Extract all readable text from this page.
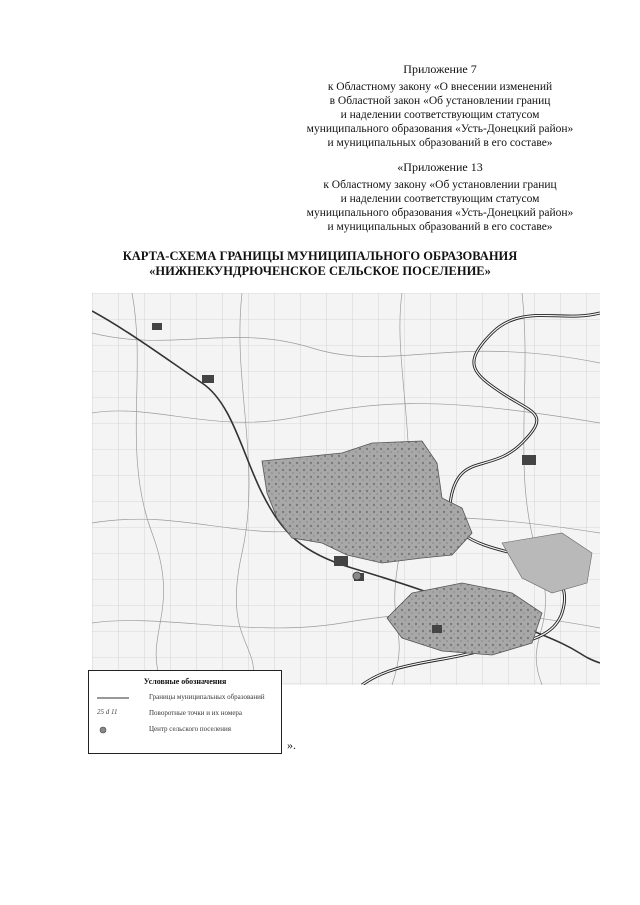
Приложение 7
к Областному закону «О внесении изменений
в Областной закон «Об установлении границ
и наделении соответствующим статусом
муниципального образования «Усть-Донецкий район»
и муниципальных образований в его составе»
«Приложение 13
к Областному закону «Об установлении границ
и наделении соответствующим статусом
муниципального образования «Усть-Донецкий район»
и муниципальных образований в его составе»
КАРТА-СХЕМА ГРАНИЦЫ МУНИЦИПАЛЬНОГО ОБРАЗОВАНИЯ
«НИЖНЕКУНДРЮЧЕНСКОЕ СЕЛЬСКОЕ ПОСЕЛЕНИЕ»
Условные обозначения
Границы муниципальных образований
25 d 11	Поворотные точки и их номера
Центр сельского поселения
».
